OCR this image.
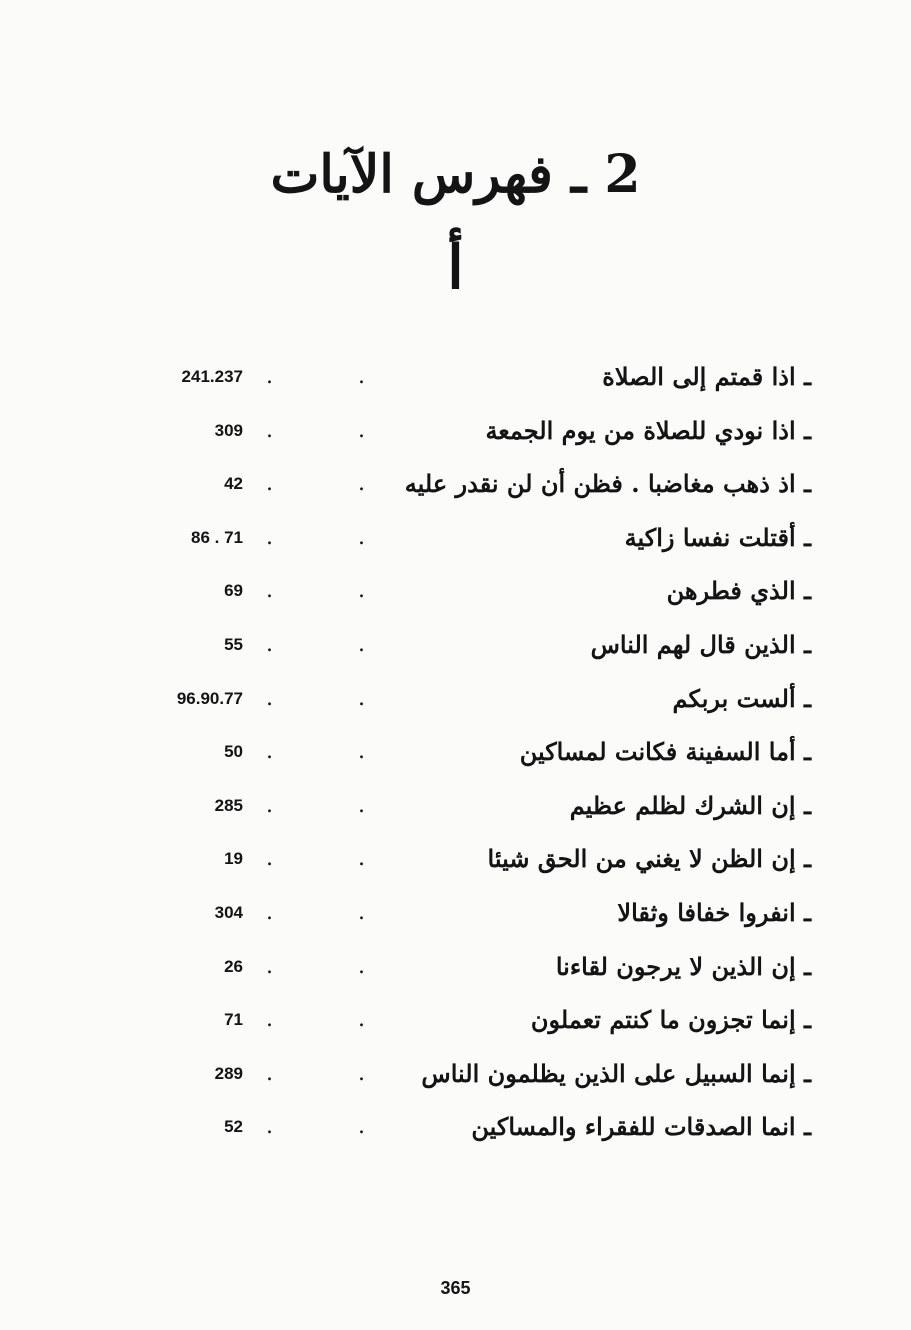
2 ـ فهرس الآيات
أ
ـ اذا قمتم إلى الصلاة
.
.
241.237
ـ اذا نودي للصلاة من يوم الجمعة
.
.
309
ـ اذ ذهب مغاضبا . فظن أن لن نقدر عليه
.
.
42
ـ أقتلت نفسا زاكية
.
.
86 . 71
ـ الذي فطرهن
.
.
69
ـ الذين قال لهم الناس
.
.
55
ـ ألست بربكم
.
.
96.90.77
ـ أما السفينة فكانت لمساكين
.
.
50
ـ إن الشرك لظلم عظيم
.
.
285
ـ إن الظن لا يغني من الحق شيئا
.
.
19
ـ انفروا خفافا وثقالا
.
.
304
ـ إن الذين لا يرجون لقاءنا
.
.
26
ـ إنما تجزون ما كنتم تعملون
.
.
71
ـ إنما السبيل على الذين يظلمون الناس
.
.
289
ـ انما الصدقات للفقراء والمساكين
.
.
52
365
